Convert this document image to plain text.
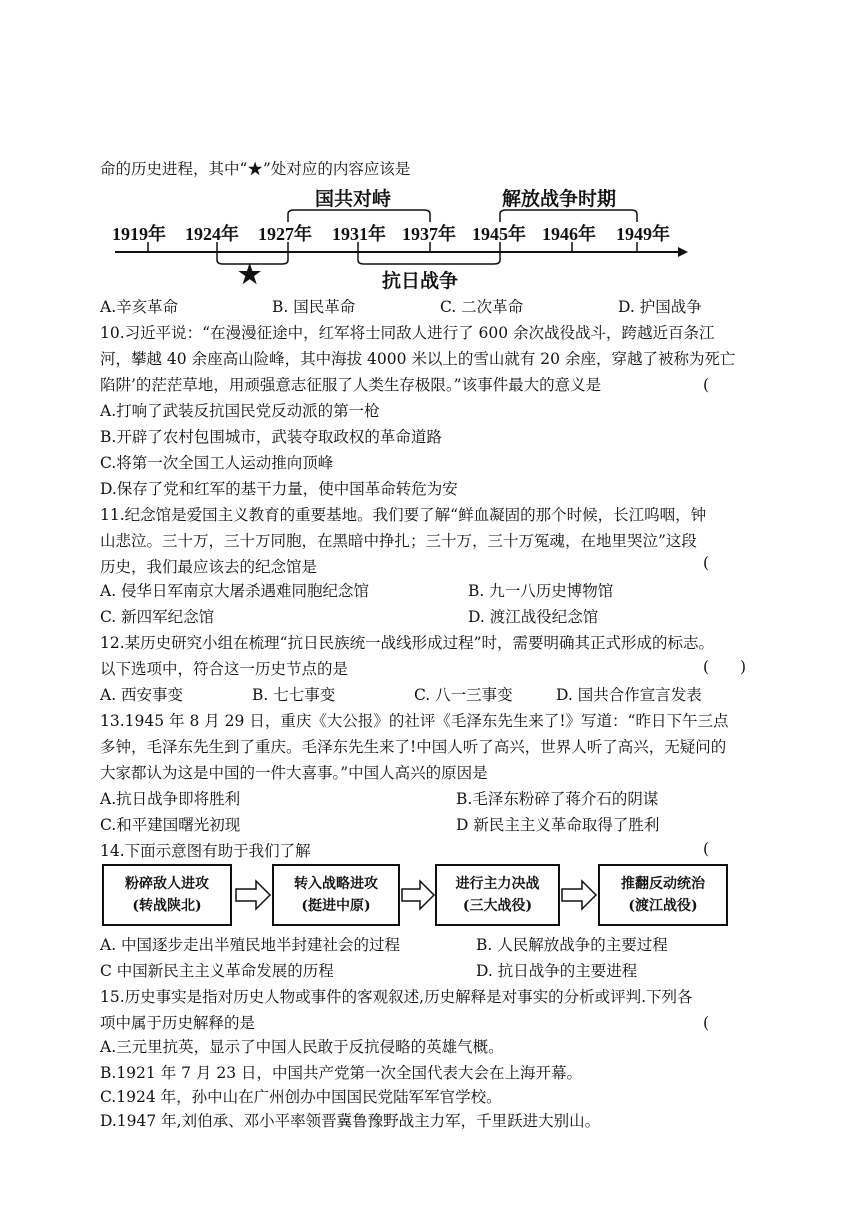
命的历史进程，其中“★”处对应的内容应该是
国共对峙	解放战争时期
1919年 1924年 1927年 1931年 1937年 1945年 1946年 1949年
★	抗日战争
A.辛亥革命	B. 国民革命	C. 二次革命	D. 护国战争
10.习近平说：“在漫漫征途中，红军将士同敌人进行了 600 余次战役战斗，跨越近百条江
河，攀越 40 余座高山险峰，其中海拔 4000 米以上的雪山就有 20 余座，穿越了被称为死亡
陷阱’的茫茫草地，用顽强意志征服了人类生存极限。”该事件最大的意义是	(
A.打响了武装反抗国民党反动派的第一枪
B.开辟了农村包围城市，武装夺取政权的革命道路
C.将第一次全国工人运动推向顶峰
D.保存了党和红军的基干力量，使中国革命转危为安
11.纪念馆是爱国主义教育的重要基地。我们要了解“鲜血凝固的那个时候，长江呜咽，钟
山悲泣。三十万，三十万同胞，在黑暗中挣扎；三十万，三十万冤魂，在地里哭泣”这段
历史，我们最应该去的纪念馆是	(
A. 侵华日军南京大屠杀遇难同胞纪念馆	B. 九一八历史博物馆
C. 新四军纪念馆	D. 渡江战役纪念馆
12.某历史研究小组在梳理“抗日民族统一战线形成过程”时，需要明确其正式形成的标志。
以下选项中，符合这一历史节点的是	(　　)
A. 西安事变	B. 七七事变	C. 八一三事变	D. 国共合作宣言发表
13.1945 年 8 月 29 日，重庆《大公报》的社评《毛泽东先生来了!》写道：“昨日下午三点
多钟，毛泽东先生到了重庆。毛泽东先生来了!中国人听了高兴，世界人听了高兴，无疑问的
大家都认为这是中国的一件大喜事。”中国人高兴的原因是
A.抗日战争即将胜利	B.毛泽东粉碎了蒋介石的阴谋
C.和平建国曙光初现	D 新民主主义革命取得了胜利
14.下面示意图有助于我们了解	(
粉碎敌人进攻
(转战陕北)
转入战略进攻
(挺进中原)
进行主力决战
(三大战役)
推翻反动统治
(渡江战役)
A. 中国逐步走出半殖民地半封建社会的过程	B. 人民解放战争的主要过程
C 中国新民主主义革命发展的历程	D. 抗日战争的主要进程
15.历史事实是指对历史人物或事件的客观叙述,历史解释是对事实的分析或评判.下列各
项中属于历史解释的是	(
A.三元里抗英，显示了中国人民敢于反抗侵略的英雄气概。
B.1921 年 7 月 23 日，中国共产党第一次全国代表大会在上海开幕。
C.1924 年，孙中山在广州创办中国国民党陆军军官学校。
D.1947 年,刘伯承、邓小平率领晋冀鲁豫野战主力军，千里跃进大别山。
